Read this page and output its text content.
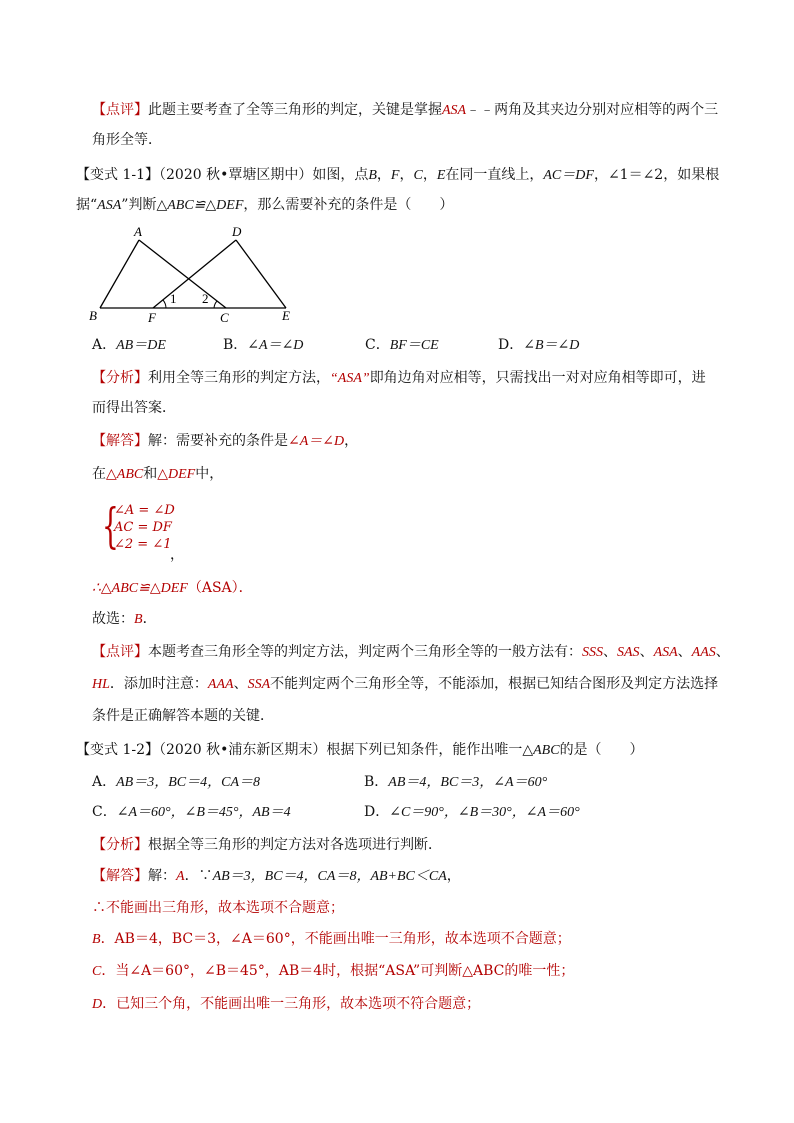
【点评】此题主要考查了全等三角形的判定，关键是掌握ASA﹣﹣两角及其夹边分别对应相等的两个三
角形全等．
【变式 1-1】（2020 秋•覃塘区期中）如图，点B，F，C，E在同一直线上，AC＝DF，∠1＝∠2，如果根
据“ASA”判断△ABC≌△DEF，那么需要补充的条件是（　　）
A	D
B	F	C	E
1 2
A．AB＝DE	B．∠A＝∠D	C．BF＝CE	D．∠B＝∠D
【分析】利用全等三角形的判定方法，“ASA”即角边角对应相等，只需找出一对对应角相等即可，进
而得出答案．
【解答】解：需要补充的条件是∠A＝∠D，
在△ABC和△DEF中，
{
∠A = ∠D
AC = DF
∠2 = ∠1
，
∴△ABC≌△DEF（ASA）．
故选：B．
【点评】本题考查三角形全等的判定方法，判定两个三角形全等的一般方法有：SSS、SAS、ASA、AAS、
HL．添加时注意：AAA、SSA不能判定两个三角形全等，不能添加，根据已知结合图形及判定方法选择
条件是正确解答本题的关键．
【变式 1-2】（2020 秋•浦东新区期末）根据下列已知条件，能作出唯一△ABC的是（　　）
A．AB＝3，BC＝4，CA＝8	B．AB＝4，BC＝3，∠A＝60°
C．∠A＝60°，∠B＝45°，AB＝4	D．∠C＝90°，∠B＝30°，∠A＝60°
【分析】根据全等三角形的判定方法对各选项进行判断．
【解答】解：A．∵AB＝3，BC＝4，CA＝8，AB+BC＜CA，
∴不能画出三角形，故本选项不合题意；
B．AB＝4，BC＝3，∠A＝60°，不能画出唯一三角形，故本选项不合题意；
C．当∠A＝60°，∠B＝45°，AB＝4时，根据“ASA”可判断△ABC的唯一性；
D．已知三个角，不能画出唯一三角形，故本选项不符合题意；
